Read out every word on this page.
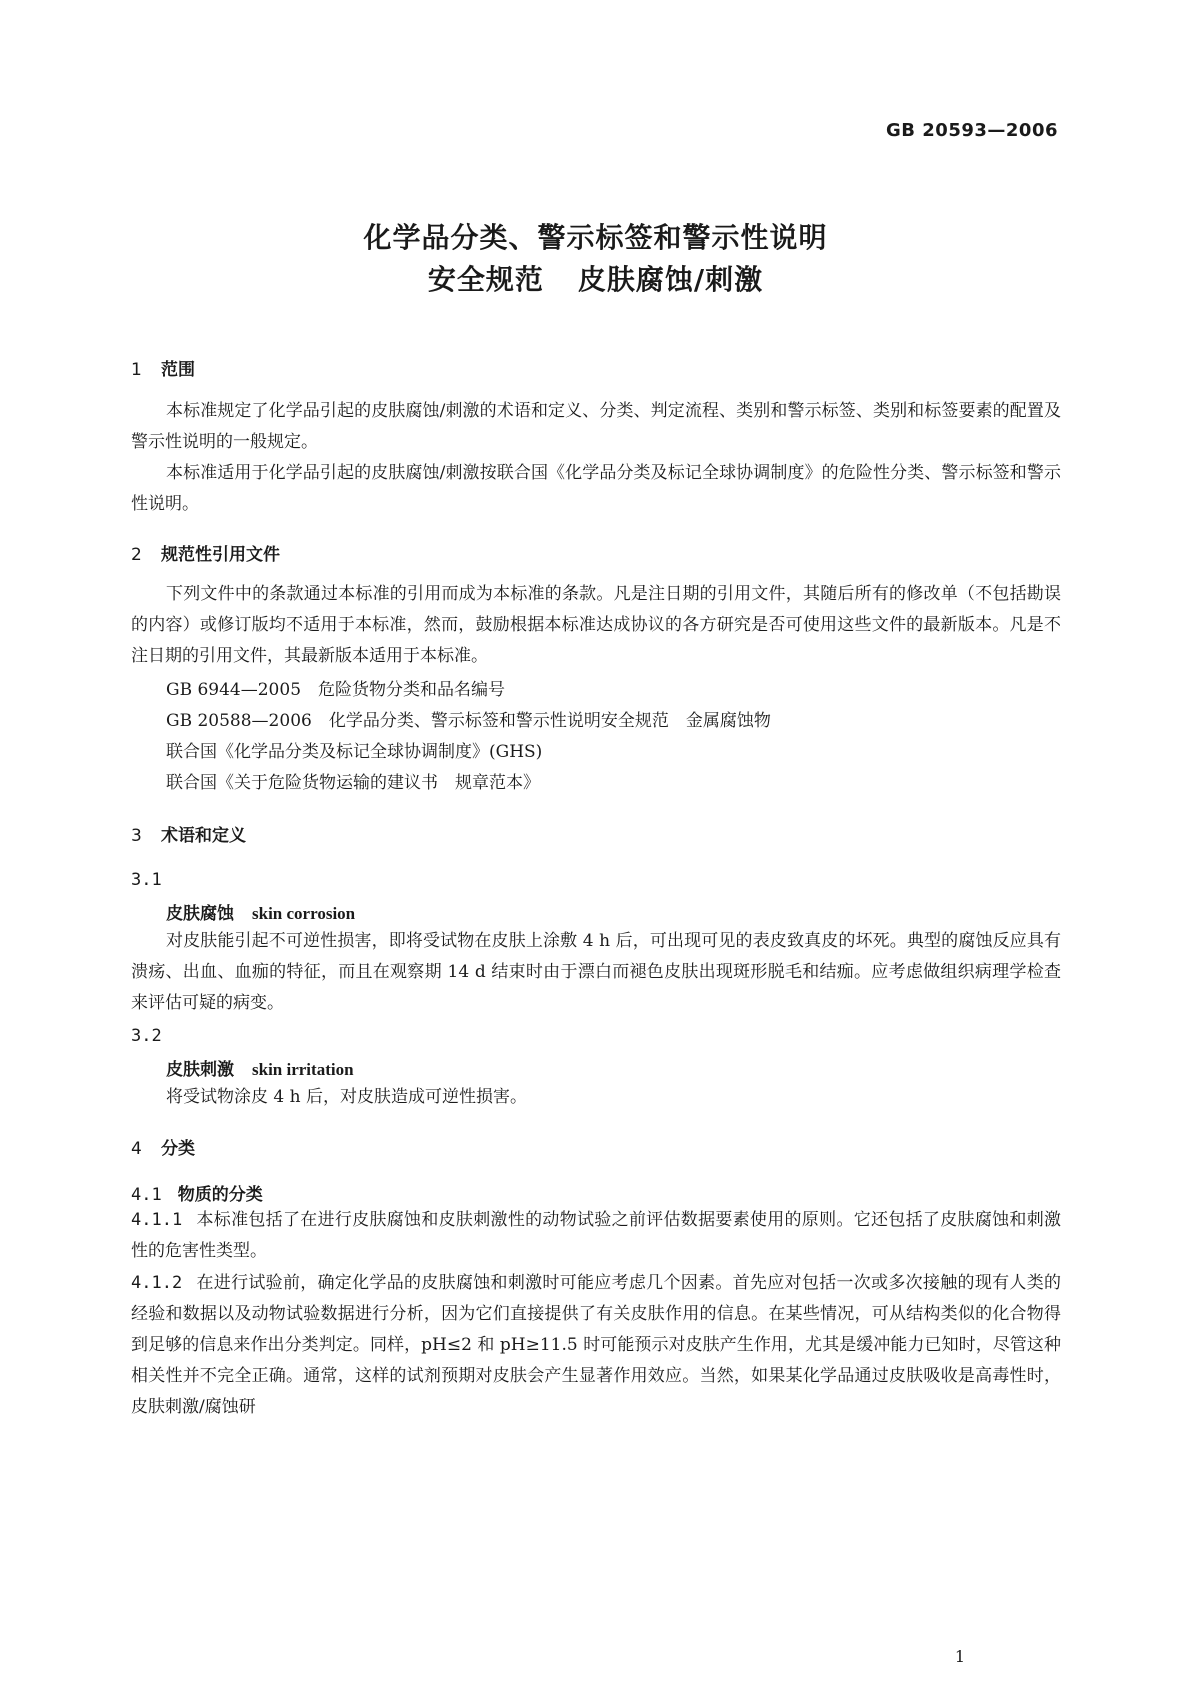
GB 20593—2006
化学品分类、警示标签和警示性说明
安全规范 皮肤腐蚀/刺激
1 范围

本标准规定了化学品引起的皮肤腐蚀/刺激的术语和定义、分类、判定流程、类别和警示标签、类别和标签要素的配置及警示性说明的一般规定。

本标准适用于化学品引起的皮肤腐蚀/刺激按联合国《化学品分类及标记全球协调制度》的危险性分类、警示标签和警示性说明。

2 规范性引用文件

下列文件中的条款通过本标准的引用而成为本标准的条款。凡是注日期的引用文件，其随后所有的修改单（不包括勘误的内容）或修订版均不适用于本标准，然而，鼓励根据本标准达成协议的各方研究是否可使用这些文件的最新版本。凡是不注日期的引用文件，其最新版本适用于本标准。

GB 6944—2005　危险货物分类和品名编号
GB 20588—2006　化学品分类、警示标签和警示性说明安全规范　金属腐蚀物
联合国《化学品分类及标记全球协调制度》(GHS)
联合国《关于危险货物运输的建议书　规章范本》
3 术语和定义
3.1
皮肤腐蚀 skin corrosion

对皮肤能引起不可逆性损害，即将受试物在皮肤上涂敷 4 h 后，可出现可见的表皮致真皮的坏死。典型的腐蚀反应具有溃疡、出血、血痂的特征，而且在观察期 14 d 结束时由于漂白而褪色皮肤出现斑形脱毛和结痂。应考虑做组织病理学检查来评估可疑的病变。

3.2
皮肤刺激 skin irritation

将受试物涂皮 4 h 后，对皮肤造成可逆性损害。

4 分类
4.1 物质的分类

4.1.1 本标准包括了在进行皮肤腐蚀和皮肤刺激性的动物试验之前评估数据要素使用的原则。它还包括了皮肤腐蚀和刺激性的危害性类型。

4.1.2 在进行试验前，确定化学品的皮肤腐蚀和刺激时可能应考虑几个因素。首先应对包括一次或多次接触的现有人类的经验和数据以及动物试验数据进行分析，因为它们直接提供了有关皮肤作用的信息。在某些情况，可从结构类似的化合物得到足够的信息来作出分类判定。同样，pH≤2 和 pH≥11.5 时可能预示对皮肤产生作用，尤其是缓冲能力已知时，尽管这种相关性并不完全正确。通常，这样的试剂预期对皮肤会产生显著作用效应。当然，如果某化学品通过皮肤吸收是高毒性时，皮肤刺激/腐蚀研

1
